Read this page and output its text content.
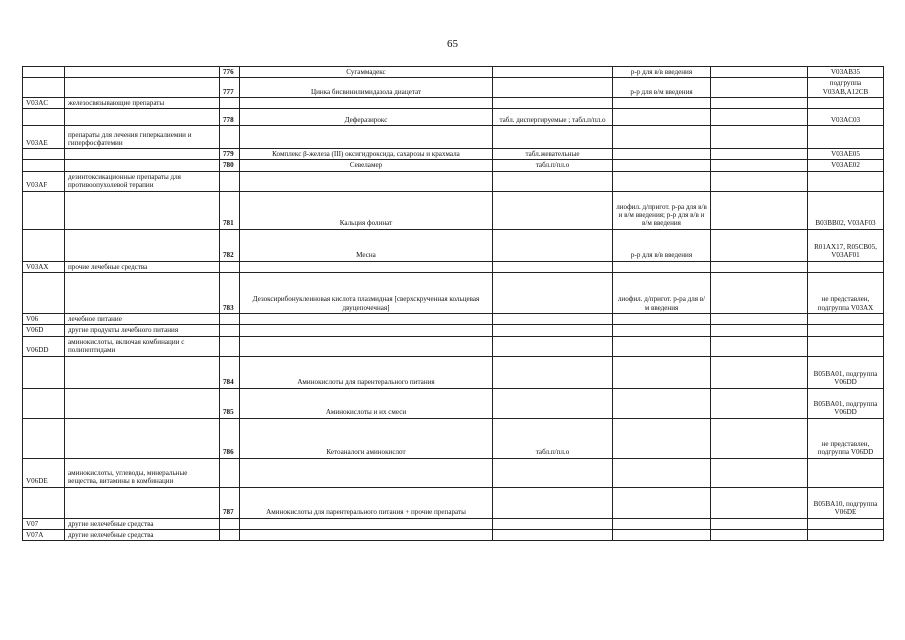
65
		776	Сугаммадекс		р-р для в/в введения		V03AB35
		777	Цинка бисвинилимидазола диацетат		р-р для в/м введения		подгруппа V03AB,A12CB
V03AC	железосвязывающие препараты						
		778	Деферазирокс	табл. диспергируемые ; табл.п/пл.о			V03AC03
V03AE	препараты для лечения гиперкалиемии и гиперфосфатемии						
		779	Комплекс β-железа (III) оксигидроксида, сахарозы и крахмала	табл.жевательные			V03AE05
		780	Севеламер	табл.п/пл.о			V03AE02
V03AF	дезинтоксикационные препараты для противоопухолевой терапии						
		781	Кальция фолинат		лиофил. д/пригот. р-ра для в/в и в/м введения; р-р для в/в и в/м введения		B03BB02, V03AF03
		782	Месна		р-р для в/в введения		R01AX17, R05CB05, V03AF01
V03AX	прочие лечебные средства						
		783	Дезоксирибонуклеиновая кислота плазмидная [сверхскрученная кольцевая двуцепочечная]		лиофил. д/пригот. р-ра для в/м введения		не представлен, подгруппа V03AX
V06	лечебное питание						
V06D	другие продукты лечебного питания						
V06DD	аминокислоты, включая комбинации с полипептидами						
		784	Аминокислоты для парентерального питания				B05BA01, подгруппа V06DD
		785	Аминокислоты и их смеси				B05BA01, подгруппа V06DD
		786	Кетоаналоги аминокислот	табл.п/пл.о			не представлен, подгруппа V06DD
V06DE	аминокислоты, углеводы, минеральные вещества, витамины в комбинации						
		787	Аминокислоты для парентерального питания + прочие препараты				B05BA10, подгруппа V06DE
V07	другие нелечебные средства						
V07A	другие нелечебные средства						
